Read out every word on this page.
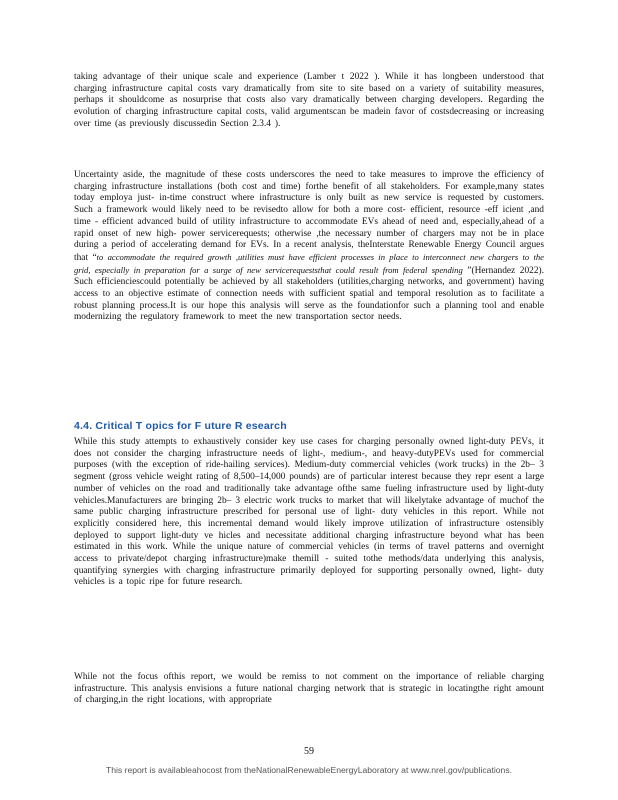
taking advantage of their unique scale and experience (Lamber t 2022 ). While it has longbeen understood that charging infrastructure capital costs vary dramatically from site to site based on a variety of suitability measures, perhaps it shouldcome as nosurprise that costs also vary dramatically between charging developers. Regarding the evolution of charging infrastructure capital costs, valid argumentscan be madein favor of costsdecreasing or increasing over time (as previously discussedin Section 2.3.4 ).
Uncertainty aside, the magnitude of these costs underscores the need to take measures to improve the efficiency of charging infrastructure installations (both cost and time) forthe benefit of all stakeholders. For example,many states today employa just- in-time construct where infrastructure is only built as new service is requested by customers. Such a framework would likely need to be revisedto allow for both a more cost- efficient, resource -eff icient ,and time - efficient advanced build of utility infrastructure to accommodate EVs ahead of need and, especially,ahead of a rapid onset of new high- power servicerequests; otherwise ,the necessary number of chargers may not be in place during a period of accelerating demand for EVs. In a recent analysis, theInterstate Renewable Energy Council argues that “to accommodate the required growth ,utilities must have efficient processes in place to interconnect new chargers to the grid, especially in preparation for a surge of new servicerequeststhat could result from federal spending ”(Hernandez 2022). Such efficienciescould potentially be achieved by all stakeholders (utilities,charging networks, and government) having access to an objective estimate of connection needs with sufficient spatial and temporal resolution as to facilitate a robust planning process.It is our hope this analysis will serve as the foundationfor such a planning tool and enable modernizing the regulatory framework to meet the new transportation sector needs.
4.4. Critical T opics for F uture R esearch
While this study attempts to exhaustively consider key use cases for charging personally owned light-duty PEVs, it does not consider the charging infrastructure needs of light-, medium-, and heavy-dutyPEVs used for commercial purposes (with the exception of ride-hailing services). Medium-duty commercial vehicles (work trucks) in the 2b– 3 segment (gross vehicle weight rating of 8,500–14,000 pounds) are of particular interest because they repr esent a large number of vehicles on the road and traditionally take advantage ofthe same fueling infrastructure used by light-duty vehicles.Manufacturers are bringing 2b– 3 electric work trucks to market that will likelytake advantage of muchof the same public charging infrastructure prescribed for personal use of light- duty vehicles in this report. While not explicitly considered here, this incremental demand would likely improve utilization of infrastructure ostensibly deployed to support light-duty ve hicles and necessitate additional charging infrastructure beyond what has been estimated in this work. While the unique nature of commercial vehicles (in terms of travel patterns and overnight access to private/depot charging infrastructure)make themill - suited tothe methods/data underlying this analysis, quantifying synergies with charging infrastructure primarily deployed for supporting personally owned, light- duty vehicles is a topic ripe for future research.
While not the focus ofthis report, we would be remiss to not comment on the importance of reliable charging infrastructure. This analysis envisions a future national charging network that is strategic in locatingthe right amount of charging,in the right locations, with appropriate
59
This report is availableahocost from theNationalRenewableEnergyLaboratory at www.nrel.gov/publications.
